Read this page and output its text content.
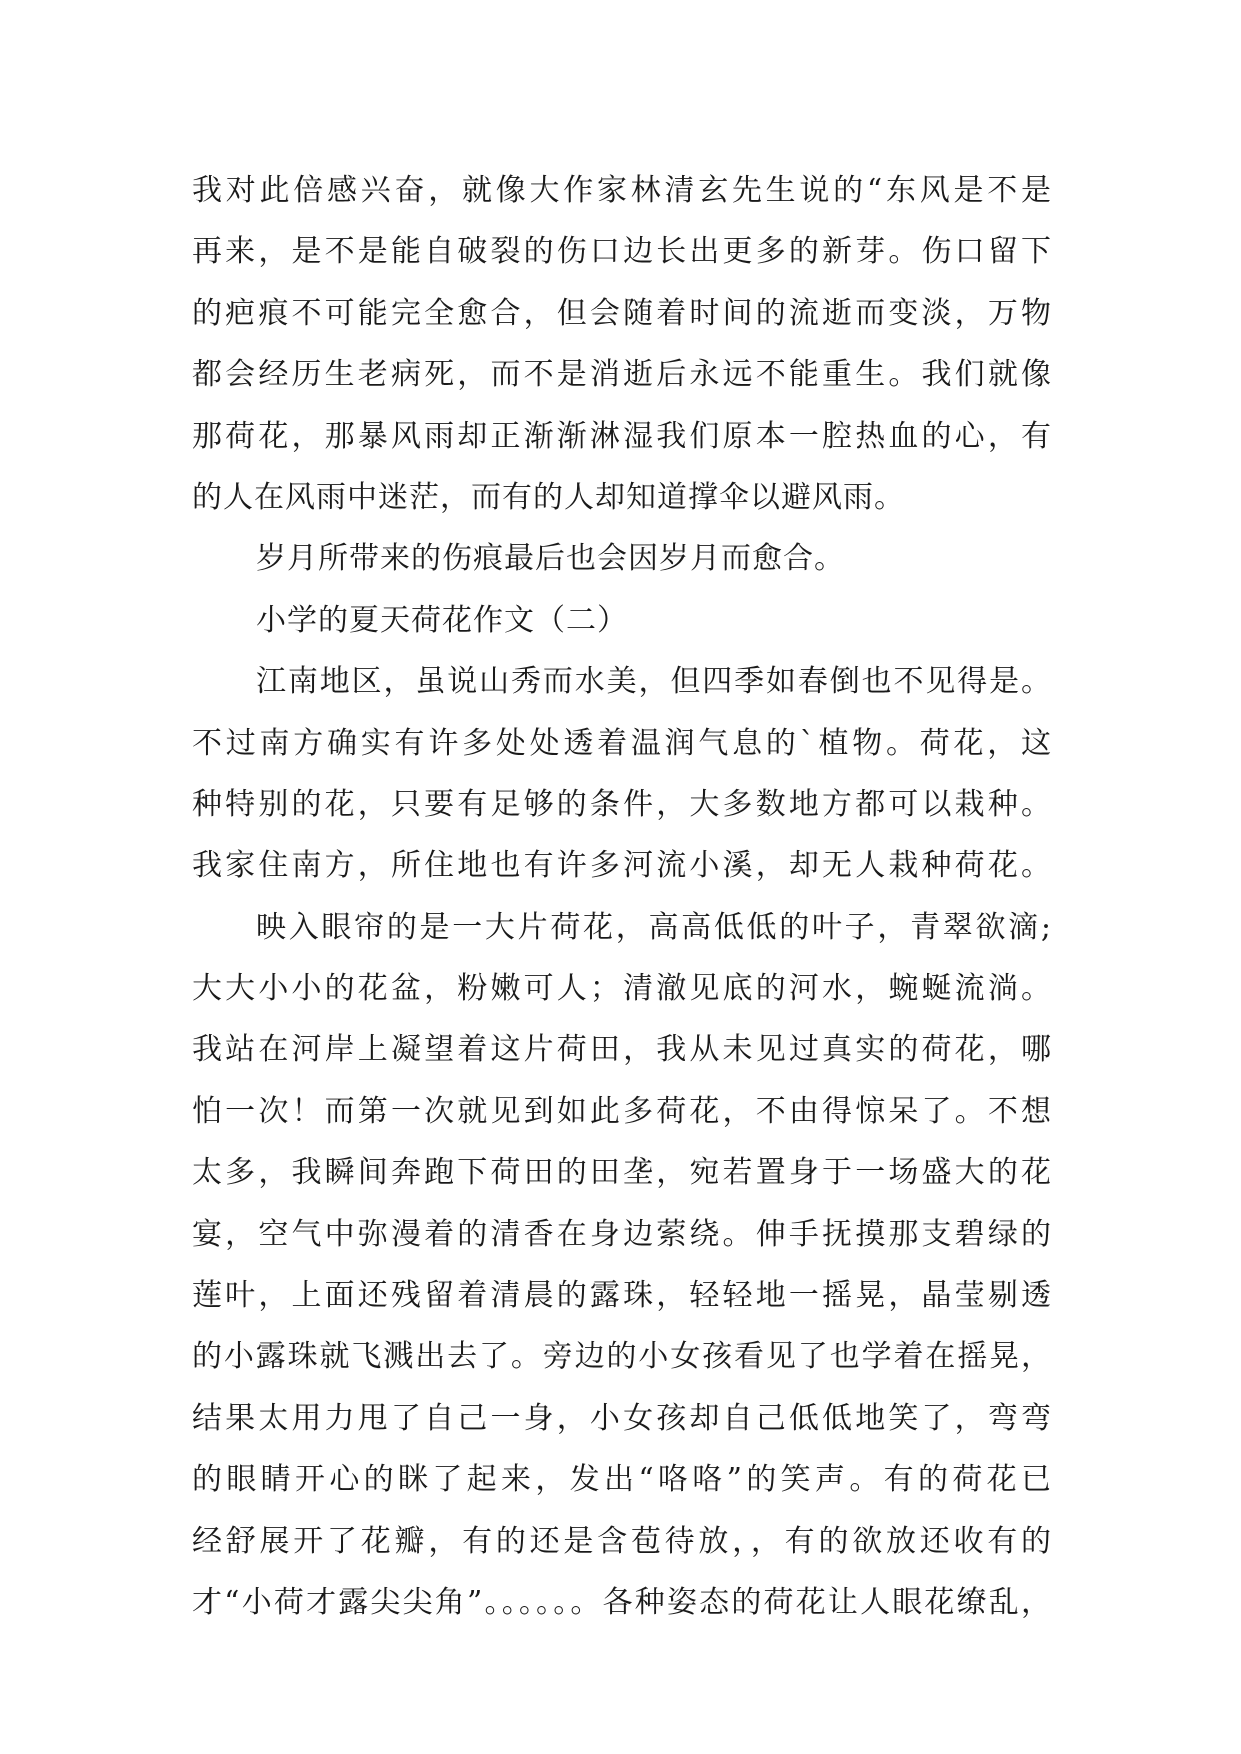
我对此倍感兴奋，就像大作家林清玄先生说的“东风是不是
再来，是不是能自破裂的伤口边长出更多的新芽。伤口留下
的疤痕不可能完全愈合，但会随着时间的流逝而变淡，万物
都会经历生老病死，而不是消逝后永远不能重生。我们就像
那荷花，那暴风雨却正渐渐淋湿我们原本一腔热血的心，有
的人在风雨中迷茫，而有的人却知道撑伞以避风雨。
岁月所带来的伤痕最后也会因岁月而愈合。
小学的夏天荷花作文（二）
江南地区，虽说山秀而水美，但四季如春倒也不见得是。
不过南方确实有许多处处透着温润气息的`植物。荷花，这
种特别的花，只要有足够的条件，大多数地方都可以栽种。
我家住南方，所住地也有许多河流小溪，却无人栽种荷花。
映入眼帘的是一大片荷花，高高低低的叶子，青翠欲滴;
大大小小的花盆，粉嫩可人；清澈见底的河水，蜿蜒流淌。
我站在河岸上凝望着这片荷田，我从未见过真实的荷花，哪
怕一次！而第一次就见到如此多荷花，不由得惊呆了。不想
太多，我瞬间奔跑下荷田的田垄，宛若置身于一场盛大的花
宴，空气中弥漫着的清香在身边萦绕。伸手抚摸那支碧绿的
莲叶，上面还残留着清晨的露珠，轻轻地一摇晃，晶莹剔透
的小露珠就飞溅出去了。旁边的小女孩看见了也学着在摇晃，
结果太用力甩了自己一身，小女孩却自己低低地笑了，弯弯
的眼睛开心的眯了起来，发出“咯咯”的笑声。有的荷花已
经舒展开了花瓣，有的还是含苞待放，，有的欲放还收有的
才“小荷才露尖尖角”。。。。。。各种姿态的荷花让人眼花缭乱，
